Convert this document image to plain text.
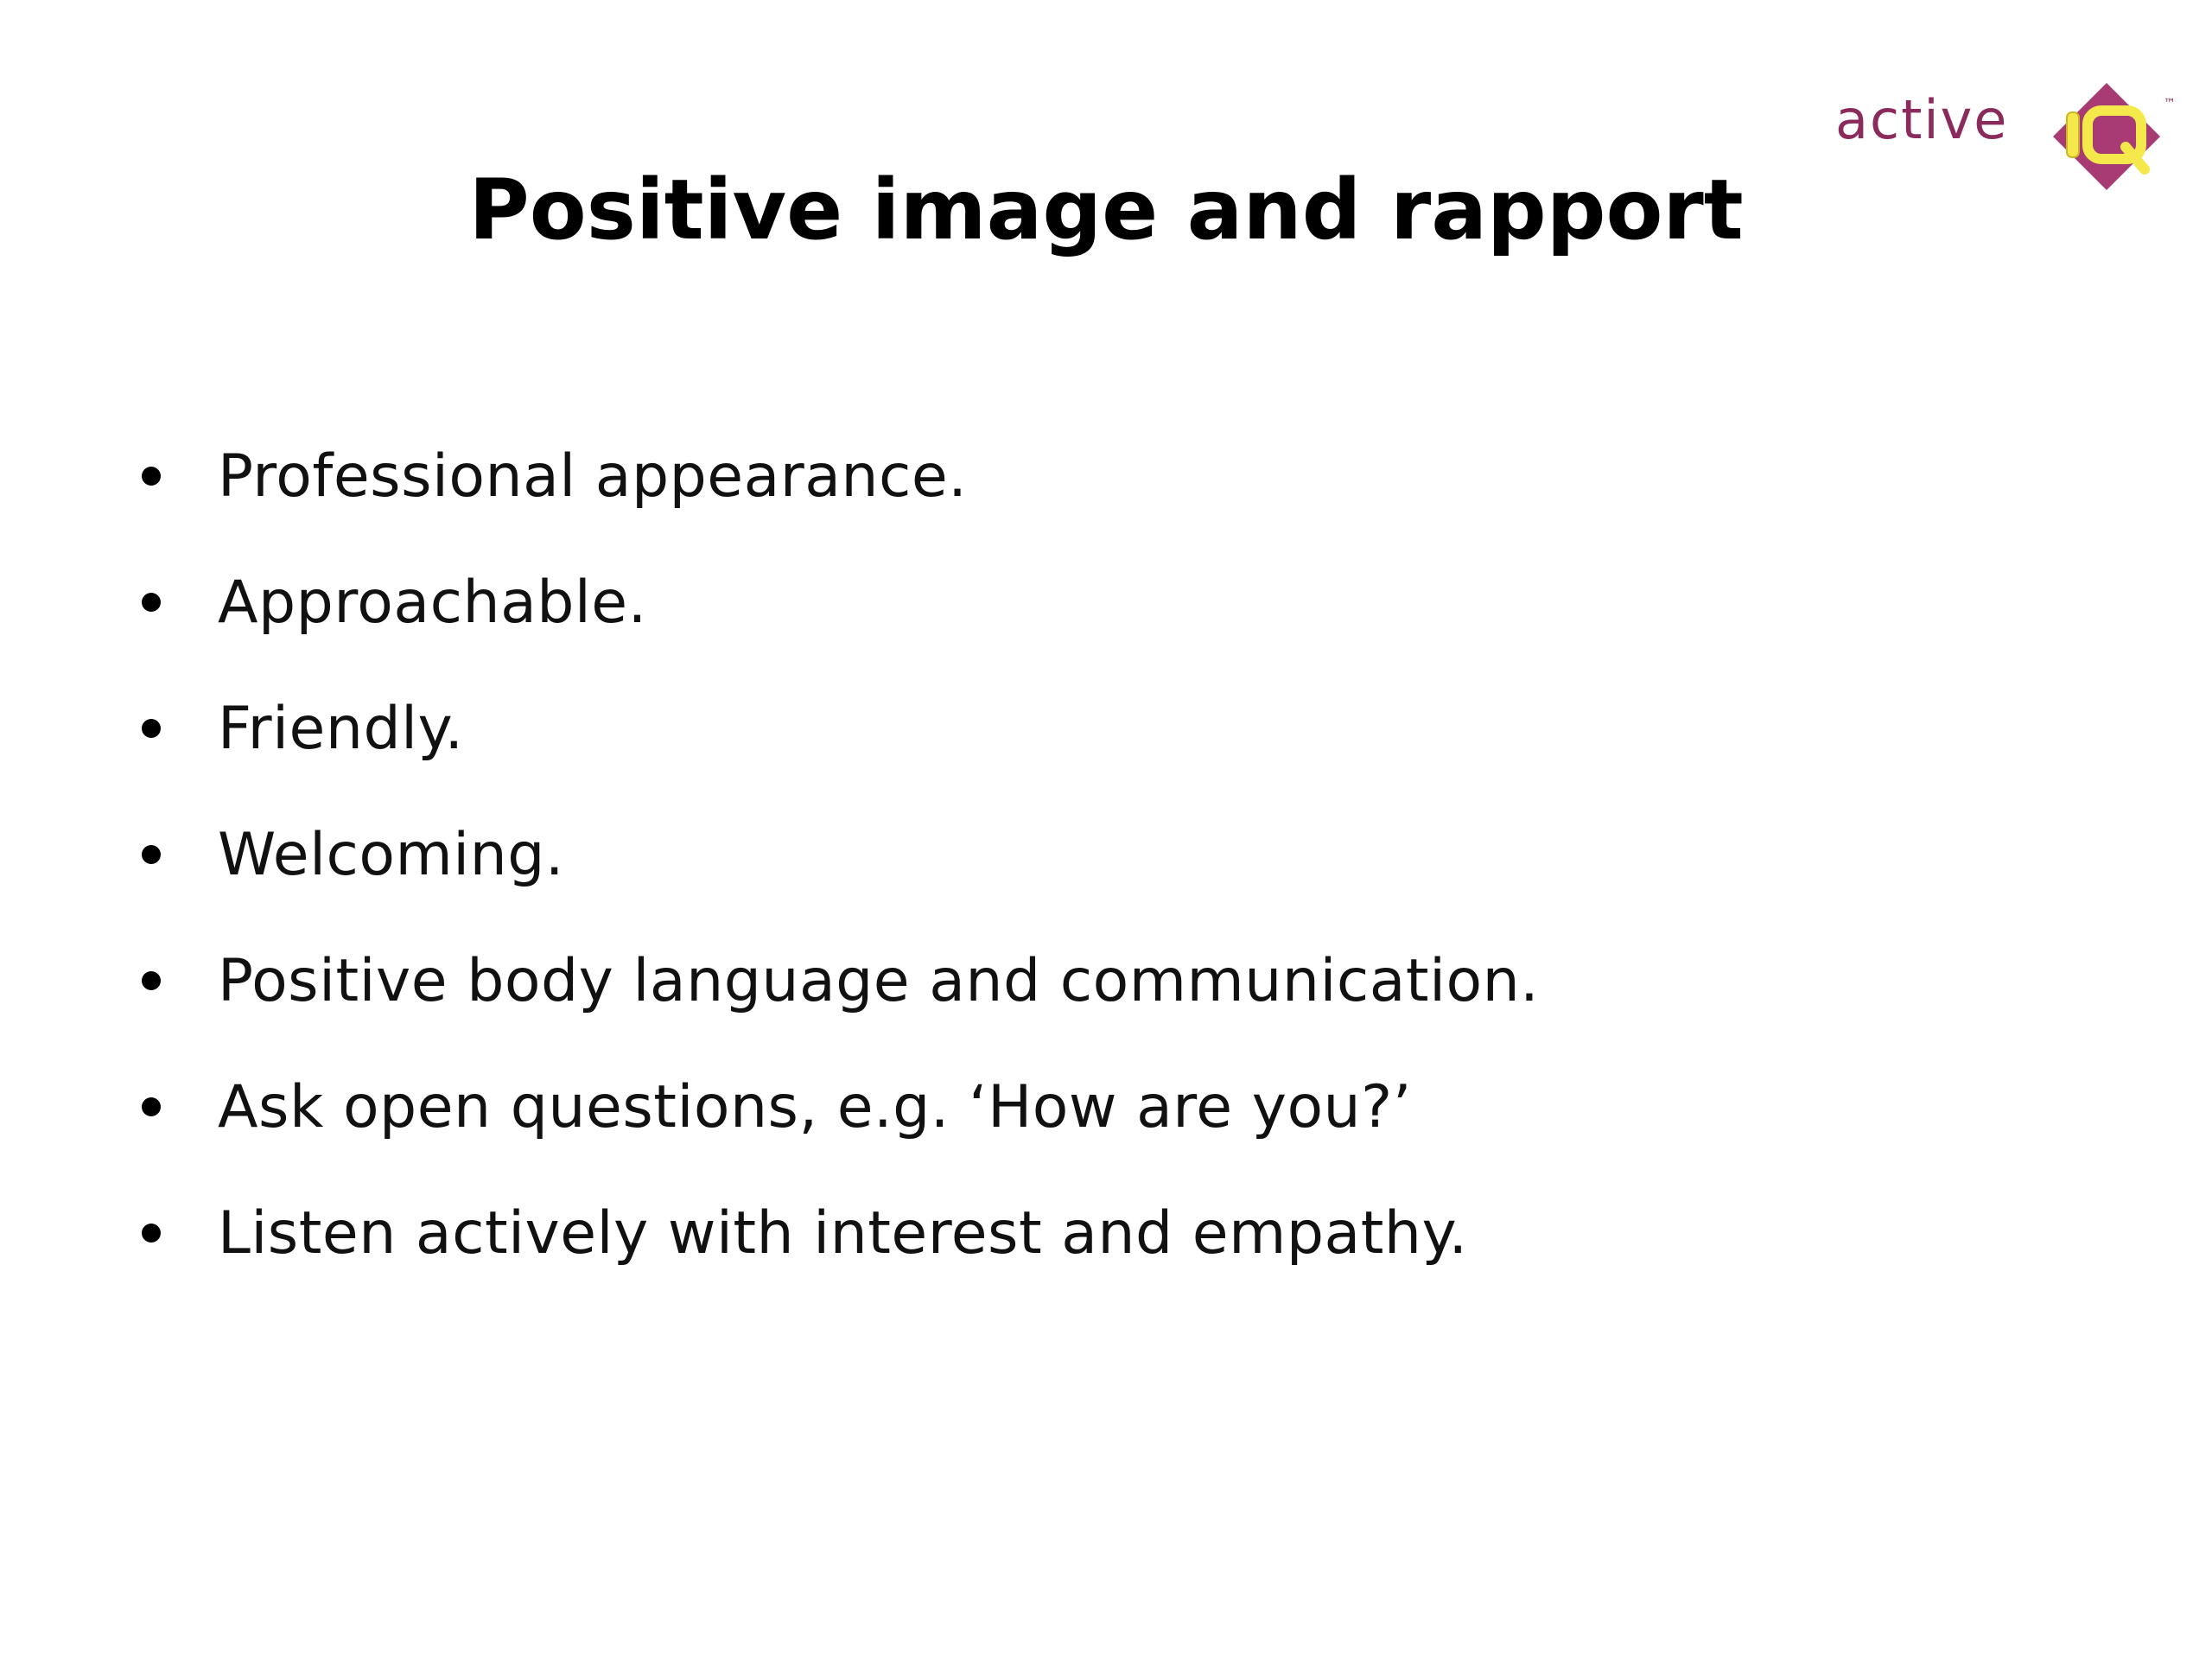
active	™
Positive image and rapport
Professional appearance.
Approachable.
Friendly.
Welcoming.
Positive body language and communication.
Ask open questions, e.g. ‘How are you?’
Listen actively with interest and empathy.
